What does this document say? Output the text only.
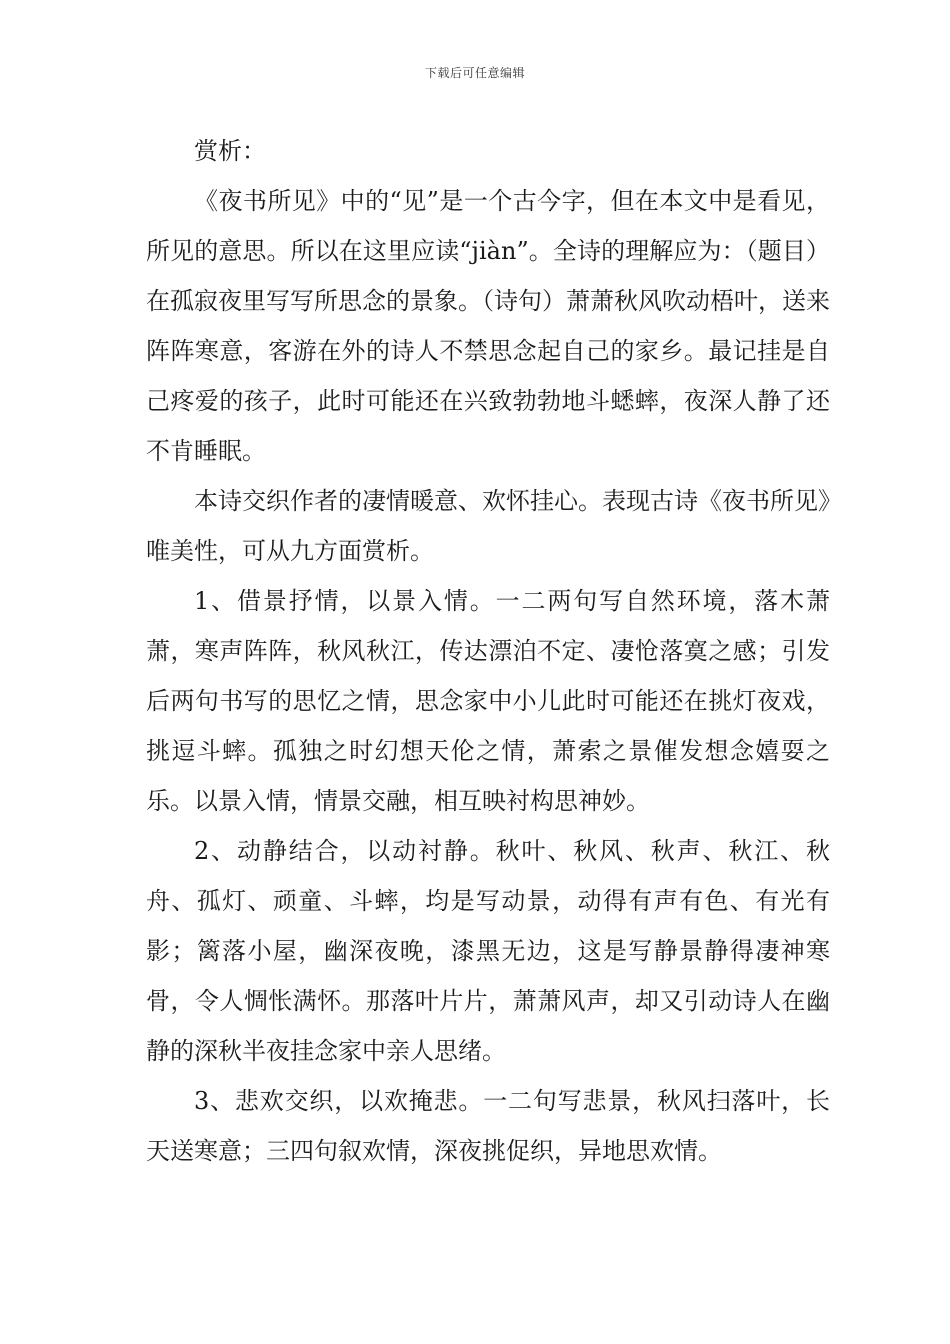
下载后可任意编辑

赏析：

《夜书所见》中的“见”是一个古今字，但在本文中是看见，所见的意思。所以在这里应读“jiàn”。全诗的理解应为：（题目）在孤寂夜里写写所思念的景象。（诗句）萧萧秋风吹动梧叶，送来阵阵寒意，客游在外的诗人不禁思念起自己的家乡。最记挂是自己疼爱的孩子，此时可能还在兴致勃勃地斗蟋蟀，夜深人静了还不肯睡眠。

本诗交织作者的凄情暖意、欢怀挂心。表现古诗《夜书所见》唯美性，可从九方面赏析。

1、借景抒情，以景入情。一二两句写自然环境，落木萧萧，寒声阵阵，秋风秋江，传达漂泊不定、凄怆落寞之感；引发后两句书写的思忆之情，思念家中小儿此时可能还在挑灯夜戏，挑逗斗蟀。孤独之时幻想天伦之情，萧索之景催发想念嬉耍之乐。以景入情，情景交融，相互映衬构思神妙。

2、动静结合，以动衬静。秋叶、秋风、秋声、秋江、秋舟、孤灯、顽童、斗蟀，均是写动景，动得有声有色、有光有影；篱落小屋，幽深夜晚，漆黑无边，这是写静景静得凄神寒骨，令人惆怅满怀。那落叶片片，萧萧风声，却又引动诗人在幽静的深秋半夜挂念家中亲人思绪。

3、悲欢交织，以欢掩悲。一二句写悲景，秋风扫落叶，长天送寒意；三四句叙欢情，深夜挑促织，异地思欢情。
